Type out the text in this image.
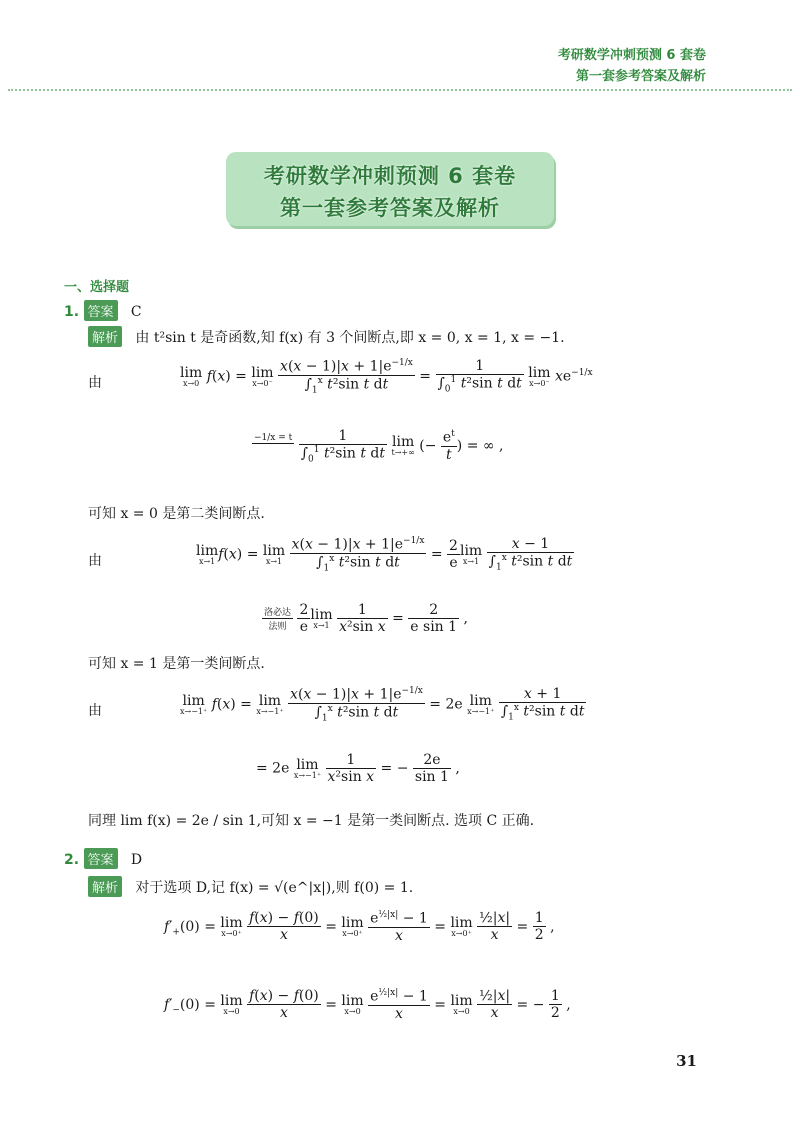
考研数学冲刺预测 6 套卷
第一套参考答案及解析
考研数学冲刺预测 6 套卷
第一套参考答案及解析
一、选择题
1. 答案 C
解析 由 t²sin t 是奇函数,知 f(x) 有 3 个间断点,即 x = 0, x = 1, x = −1.
由
lim
x→0 f(x) = lim
x→0⁻
$\frac{x(x - 1)|x + 1|e^{-1/x}}{\int_1^x t^2\sin t dt} = \frac{1}{\int_0^1 t^2\sin t dt}$ lim
x→0⁻ $xe^{-1/x}$
−1/x = t

$\frac{1}{\int_0^1 t^2\sin t dt}$ lim
t→+∞ (− $\frac{e^t}{t}$ ) = ∞ ,
可知 x = 0 是第二类间断点.
由
lim
x→1 f(x) = lim
x→1
$\frac{x(x - 1)|x + 1|e^{-1/x}}{\int_1^x t^2\sin t dt} = \frac{2}{e}$ lim
x→1
$\frac{x - 1}{\int_1^x t^2\sin t dt}$
$\frac{\text{洛必达}}{\text{法则}}$
$\frac{2}{e}$ lim
x→1
$\frac{1}{\text{x²sin x}} = \frac{2}{\text{e sin 1}}$ ,
可知 x = 1 是第一类间断点.
由
lim
x→−1⁺ f(x) = lim
x→−1⁺
$\frac{x(x - 1)|x + 1|e^{-1/x}}{\int_1^x t^2\sin t dt} = 2e$ lim
x→−1⁺
$\frac{x + 1}{\int_1^x t^2\sin t dt}$
= 2e lim
x→−1⁺
$\frac{1}{\text{x²sin x}}$ = − $\frac{2e}{\sin 1}$ ,
同理 lim f(x) = 2e / sin 1,可知 x = −1 是第一类间断点. 选项 C 正确.
2. 答案 D
解析 对于选项 D,记 f(x) = √(e^|x|),则 f(0) = 1.
$f'_+(0) = \lim$
x→0⁺
$\frac{f(x) - f(0)}{x} = \lim$
x→0⁺
$\frac{e^{\frac{1}{2}|x|} - 1}{x} = \lim$
x→0⁺
$\frac{\text{½|x|}}{x} = \frac{1}{2}$ ,
$f'_-(0) = \lim$
x→0
$\frac{f(x) - f(0)}{x} = \lim$
x→0
$\frac{e^{\frac{1}{2}|x|} - 1}{x} = \lim$
x→0
$\frac{\text{½|x|}}{x}$ = − $\frac{1}{2}$ ,
31
